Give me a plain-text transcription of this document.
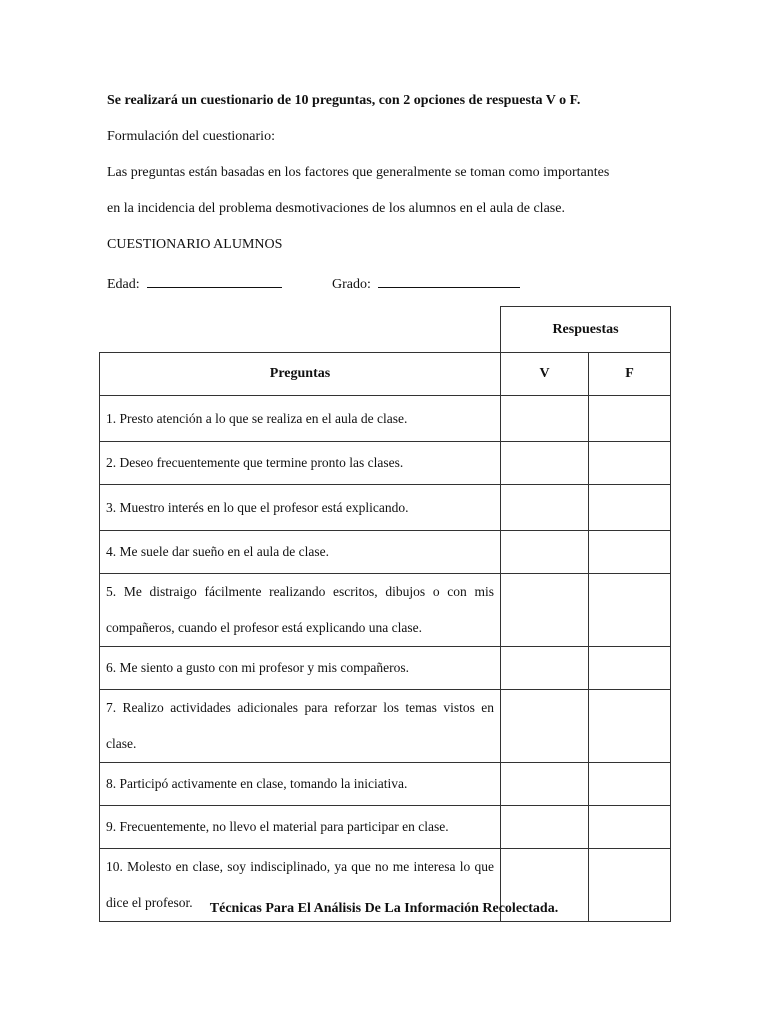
Se realizará un cuestionario de 10 preguntas, con 2 opciones de respuesta V o F.
Formulación del cuestionario:
Las preguntas están basadas en los factores que generalmente se toman como importantes
en la incidencia del problema desmotivaciones de los alumnos en el aula de clase.
CUESTIONARIO ALUMNOS
Edad:	Grado:
	Respuestas	
Preguntas	V	F
1. Presto atención a lo que se realiza en el aula de clase.		
2. Deseo frecuentemente que termine pronto las clases.		
3. Muestro interés en lo que el profesor está explicando.		
4. Me suele dar sueño en el aula de clase.		
5. Me distraigo fácilmente realizando escritos, dibujos o con mis compañeros, cuando el profesor está explicando una clase.		
6. Me siento a gusto con mi profesor y mis compañeros.		
7. Realizo actividades adicionales para reforzar los temas vistos en clase.		
8. Participó activamente en clase, tomando la iniciativa.		
9. Frecuentemente, no llevo el material para participar en clase.		
10. Molesto en clase, soy indisciplinado, ya que no me interesa lo que dice el profesor.			Técnicas Para El Análisis De La Información Recolectada.
